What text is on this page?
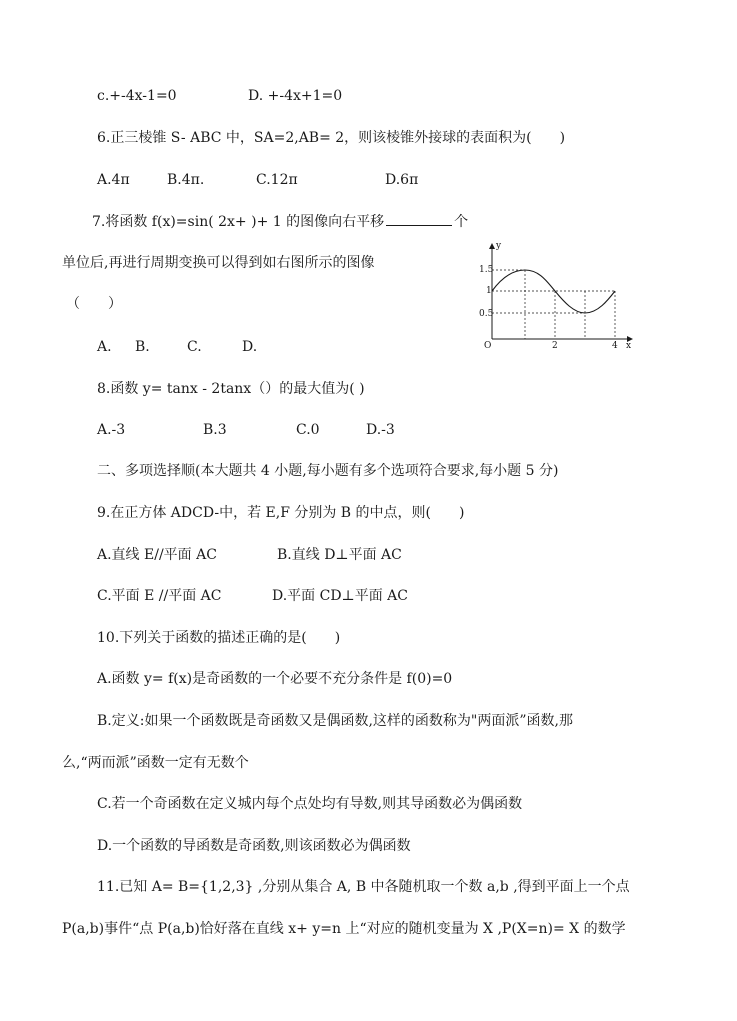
c.+-4x-1=0	D. +-4x+1=0
6.正三棱锥 S- ABC 中，SA=2,AB= 2，则该棱锥外接球的表面积为(　　)
A.4π	B.4π.	C.12π	D.6π
7.将函数 f(x)=sin( 2x+ )+ 1 的图像向右平移	个
单位后,再进行周期变换可以得到如右图所示的图像
（　　）
A. B.	C.	D.
y
x
O
1.5
1
0.5
2	4
8.函数 y= tanx - 2tanx（）的最大值为( )
A.-3	B.3	C.0	D.-3
二、多项选择顺(本大题共 4 小题,每小题有多个选项符合要求,每小题 5 分)
9.在正方体 ADCD-中，若 E,F 分别为 B 的中点，则(　　)
A.直线 E//平面 AC	B.直线 D⊥平面 AC
C.平面 E //平面 AC	D.平面 CD⊥平面 AC
10.下列关于函数的描述正确的是(　　)
A.函数 y= f(x)是奇函数的一个必要不充分条件是 f(0)=0
B.定义:如果一个函数既是奇函数又是偶函数,这样的函数称为"两面派”函数,那
么,“两而派”函数一定有无数个
C.若一个奇函数在定义城内每个点处均有导数,则其导函数必为偶函数
D.一个函数的导函数是奇函数,则该函数必为偶函数
11.已知 A= B={1,2,3} ,分别从集合 A, B 中各随机取一个数 a,b ,得到平面上一个点
P(a,b)事件“点 P(a,b)恰好落在直线 x+ y=n 上“对应的随机变量为 X ,P(X=n)= X 的数学
